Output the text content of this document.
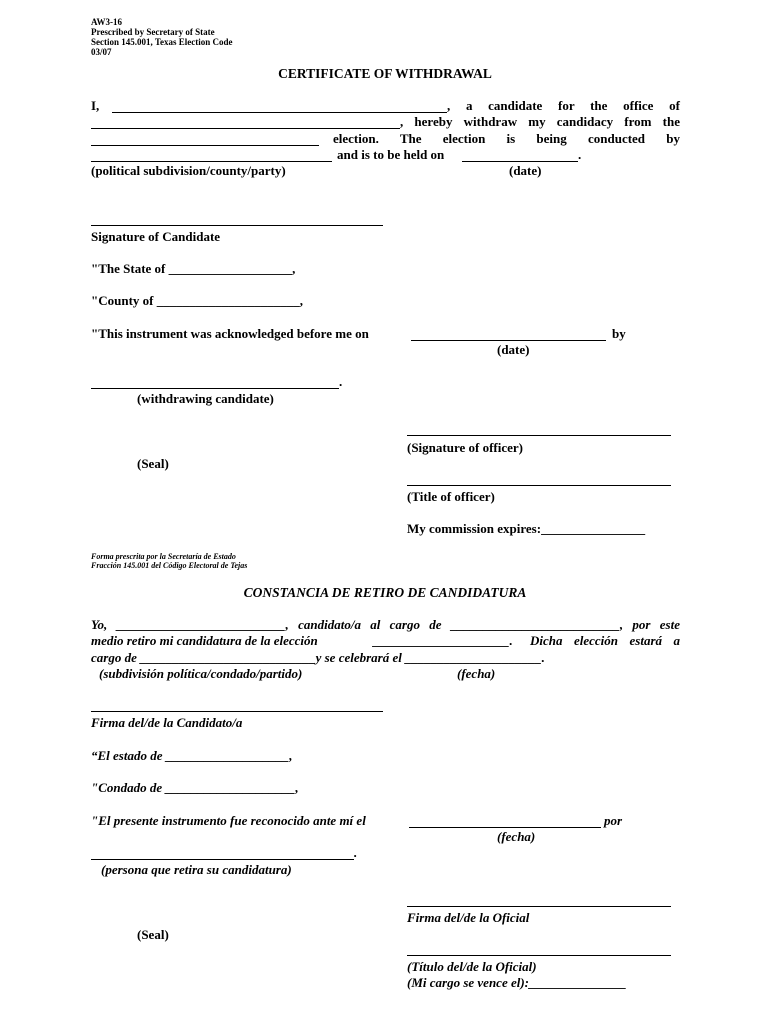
AW3-16
Prescribed by Secretary of State
Section 145.001, Texas Election Code
03/07
CERTIFICATE OF WITHDRAWAL
I,	, a candidate for the office of
, hereby withdraw my candidacy from the
election. The election is being conducted by
and is to be held on	.
(political subdivision/county/party)	(date)
Signature of Candidate
"The State of ___________________,
"County of ______________________,
"This instrument was acknowledged before me on	by
(date)
.
(withdrawing candidate)
(Signature of officer)
(Seal)
(Title of officer)
My commission expires:________________
Forma prescrita por la Secretaría de Estado
Fracción 145.001 del Código Electoral de Tejas
CONSTANCIA DE RETIRO DE CANDIDATURA
Yo, __________________________, candidato/a al cargo de __________________________, por este
medio retiro mi candidatura de la elección	_____________________. Dicha elección estará a
cargo de ___________________________y se celebrará el _____________________.
(subdivisión política/condado/partido)	(fecha)
Firma del/de la Candidato/a
“El estado de ___________________,
"Condado de ____________________,
"El presente instrumento fue reconocido ante mí el	por
(fecha)
.
(persona que retira su candidatura)
Firma del/de la Oficial
(Seal)
(Título del/de la Oficial)
(Mi cargo se vence el):_______________
